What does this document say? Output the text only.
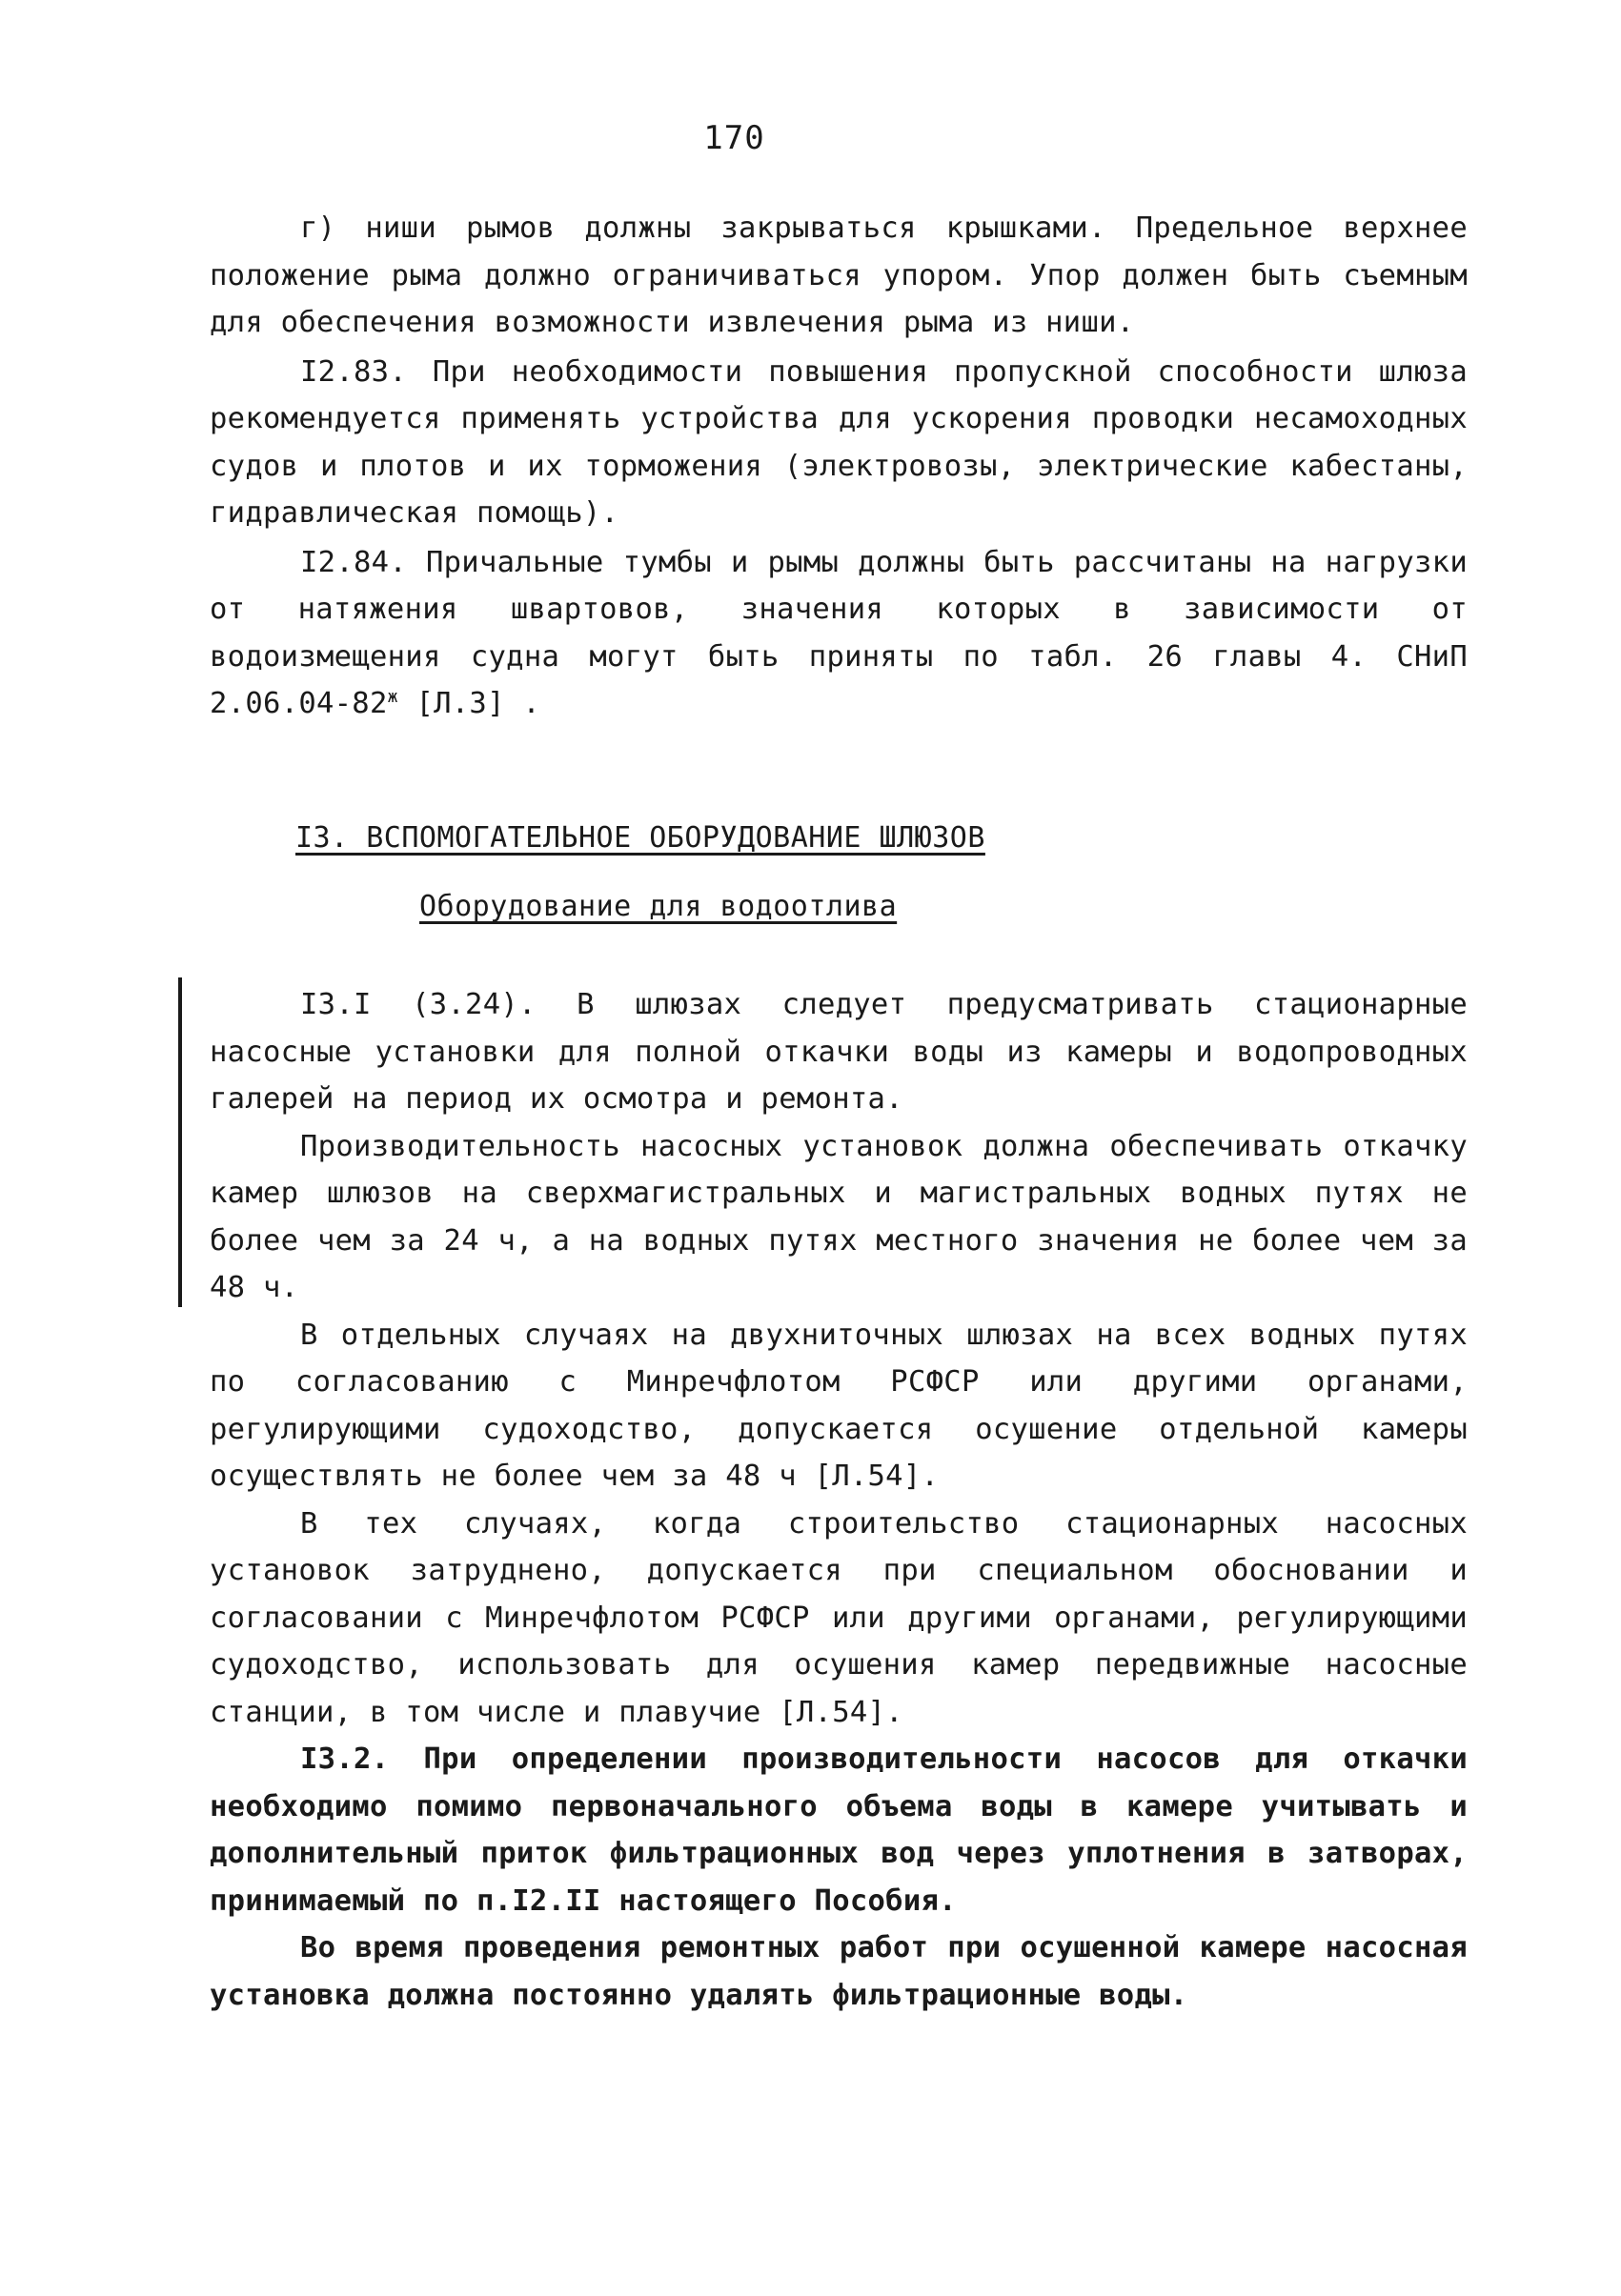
170

г) ниши рымов должны закрываться крышками. Предельное верхнее положение рыма должно ограничиваться упором. Упор должен быть съемным для обеспечения возможности извлечения рыма из ниши.

I2.83. При необходимости повышения пропускной способности шлюза рекомендуется применять устройства для ускорения проводки несамоходных судов и плотов и их торможения (электровозы, электрические кабестаны, гидравлическая помощь).

I2.84. Причальные тумбы и рымы должны быть рассчитаны на нагрузки от натяжения швартовов, значения которых в зависимости от водоизмещения судна могут быть приняты по табл. 26 главы 4. СНиП $2.06.04-82^ж$ [Л.3] .

I3. ВСПОМОГАТЕЛЬНОЕ ОБОРУДОВАНИЕ ШЛЮЗОВ
Оборудование для водоотлива

I3.I (3.24). В шлюзах следует предусматривать стационарные насосные установки для полной откачки воды из камеры и водопроводных галерей на период их осмотра и ремонта.

Производительность насосных установок должна обеспечивать откачку камер шлюзов на сверхмагистральных и магистральных водных путях не более чем за 24 ч, а на водных путях местного значения не более чем за 48 ч.

В отдельных случаях на двухниточных шлюзах на всех водных путях по согласованию с Минречфлотом РСФСР или другими органами, регулирующими судоходство, допускается осушение отдельной камеры осуществлять не более чем за 48 ч [Л.54].

В тех случаях, когда строительство стационарных насосных установок затруднено, допускается при специальном обосновании и согласовании с Минречфлотом РСФСР или другими органами, регулирующими судоходство, использовать для осушения камер передвижные насосные станции, в том числе и плавучие [Л.54].

I3.2. При определении производительности насосов для откачки необходимо помимо первоначального объема воды в камере учитывать и дополнительный приток фильтрационных вод через уплотнения в затворах, принимаемый по п.I2.II настоящего Пособия.

Во время проведения ремонтных работ при осушенной камере насосная установка должна постоянно удалять фильтрационные воды.
